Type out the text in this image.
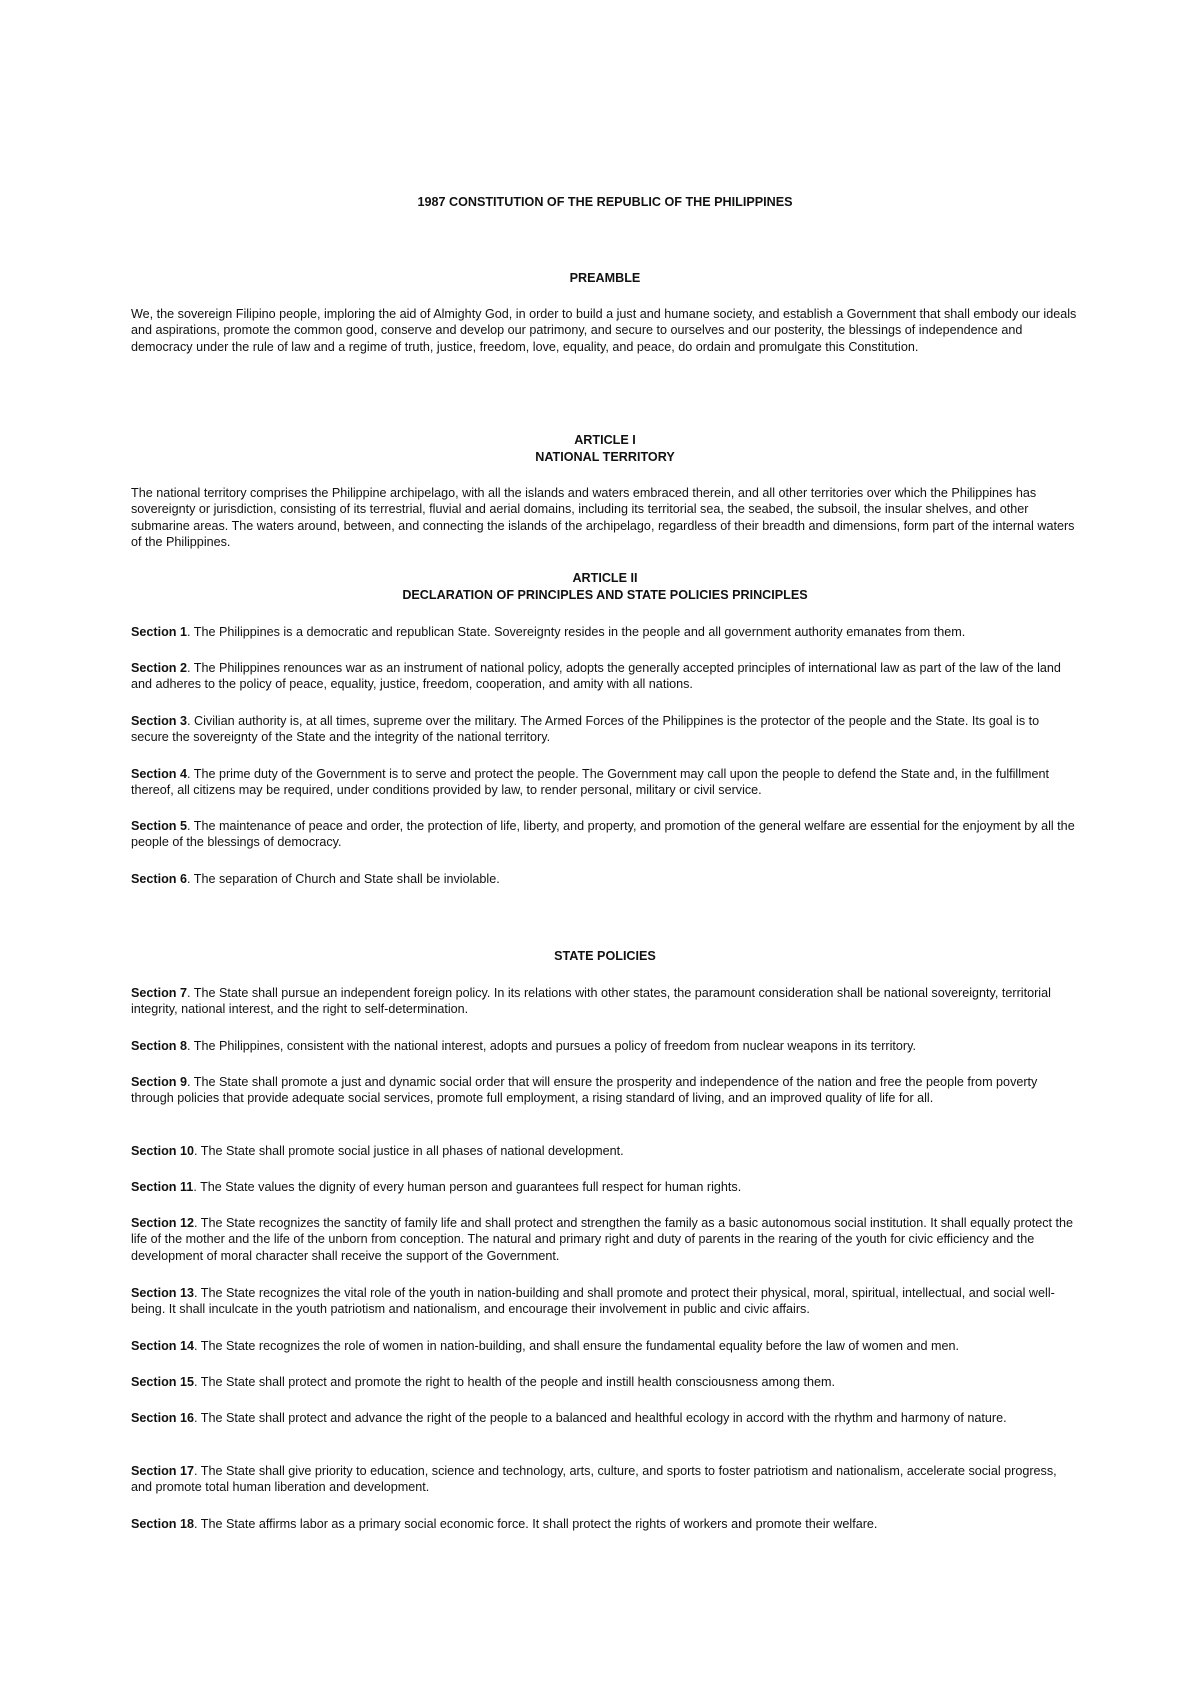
1987 CONSTITUTION OF THE REPUBLIC OF THE PHILIPPINES
PREAMBLE

We, the sovereign Filipino people, imploring the aid of Almighty God, in order to build a just and humane society, and establish a Government that shall embody our ideals and aspirations, promote the common good, conserve and develop our patrimony, and secure to ourselves and our posterity, the blessings of independence and democracy under the rule of law and a regime of truth, justice, freedom, love, equality, and peace, do ordain and promulgate this Constitution.

ARTICLE I
NATIONAL TERRITORY

The national territory comprises the Philippine archipelago, with all the islands and waters embraced therein, and all other territories over which the Philippines has sovereignty or jurisdiction, consisting of its terrestrial, fluvial and aerial domains, including its territorial sea, the seabed, the subsoil, the insular shelves, and other submarine areas. The waters around, between, and connecting the islands of the archipelago, regardless of their breadth and dimensions, form part of the internal waters of the Philippines.

ARTICLE II
DECLARATION OF PRINCIPLES AND STATE POLICIES PRINCIPLES

Section 1. The Philippines is a democratic and republican State. Sovereignty resides in the people and all government authority emanates from them.

Section 2. The Philippines renounces war as an instrument of national policy, adopts the generally accepted principles of international law as part of the law of the land and adheres to the policy of peace, equality, justice, freedom, cooperation, and amity with all nations.

Section 3. Civilian authority is, at all times, supreme over the military. The Armed Forces of the Philippines is the protector of the people and the State. Its goal is to secure the sovereignty of the State and the integrity of the national territory.

Section 4. The prime duty of the Government is to serve and protect the people. The Government may call upon the people to defend the State and, in the fulfillment thereof, all citizens may be required, under conditions provided by law, to render personal, military or civil service.

Section 5. The maintenance of peace and order, the protection of life, liberty, and property, and promotion of the general welfare are essential for the enjoyment by all the people of the blessings of democracy.

Section 6. The separation of Church and State shall be inviolable.

STATE POLICIES

Section 7. The State shall pursue an independent foreign policy. In its relations with other states, the paramount consideration shall be national sovereignty, territorial integrity, national interest, and the right to self-determination.

Section 8. The Philippines, consistent with the national interest, adopts and pursues a policy of freedom from nuclear weapons in its territory.

Section 9. The State shall promote a just and dynamic social order that will ensure the prosperity and independence of the nation and free the people from poverty through policies that provide adequate social services, promote full employment, a rising standard of living, and an improved quality of life for all.

Section 10. The State shall promote social justice in all phases of national development.

Section 11. The State values the dignity of every human person and guarantees full respect for human rights.

Section 12. The State recognizes the sanctity of family life and shall protect and strengthen the family as a basic autonomous social institution. It shall equally protect the life of the mother and the life of the unborn from conception. The natural and primary right and duty of parents in the rearing of the youth for civic efficiency and the development of moral character shall receive the support of the Government.

Section 13. The State recognizes the vital role of the youth in nation-building and shall promote and protect their physical, moral, spiritual, intellectual, and social well-being. It shall inculcate in the youth patriotism and nationalism, and encourage their involvement in public and civic affairs.

Section 14. The State recognizes the role of women in nation-building, and shall ensure the fundamental equality before the law of women and men.

Section 15. The State shall protect and promote the right to health of the people and instill health consciousness among them.

Section 16. The State shall protect and advance the right of the people to a balanced and healthful ecology in accord with the rhythm and harmony of nature.

Section 17. The State shall give priority to education, science and technology, arts, culture, and sports to foster patriotism and nationalism, accelerate social progress, and promote total human liberation and development.

Section 18. The State affirms labor as a primary social economic force. It shall protect the rights of workers and promote their welfare.
